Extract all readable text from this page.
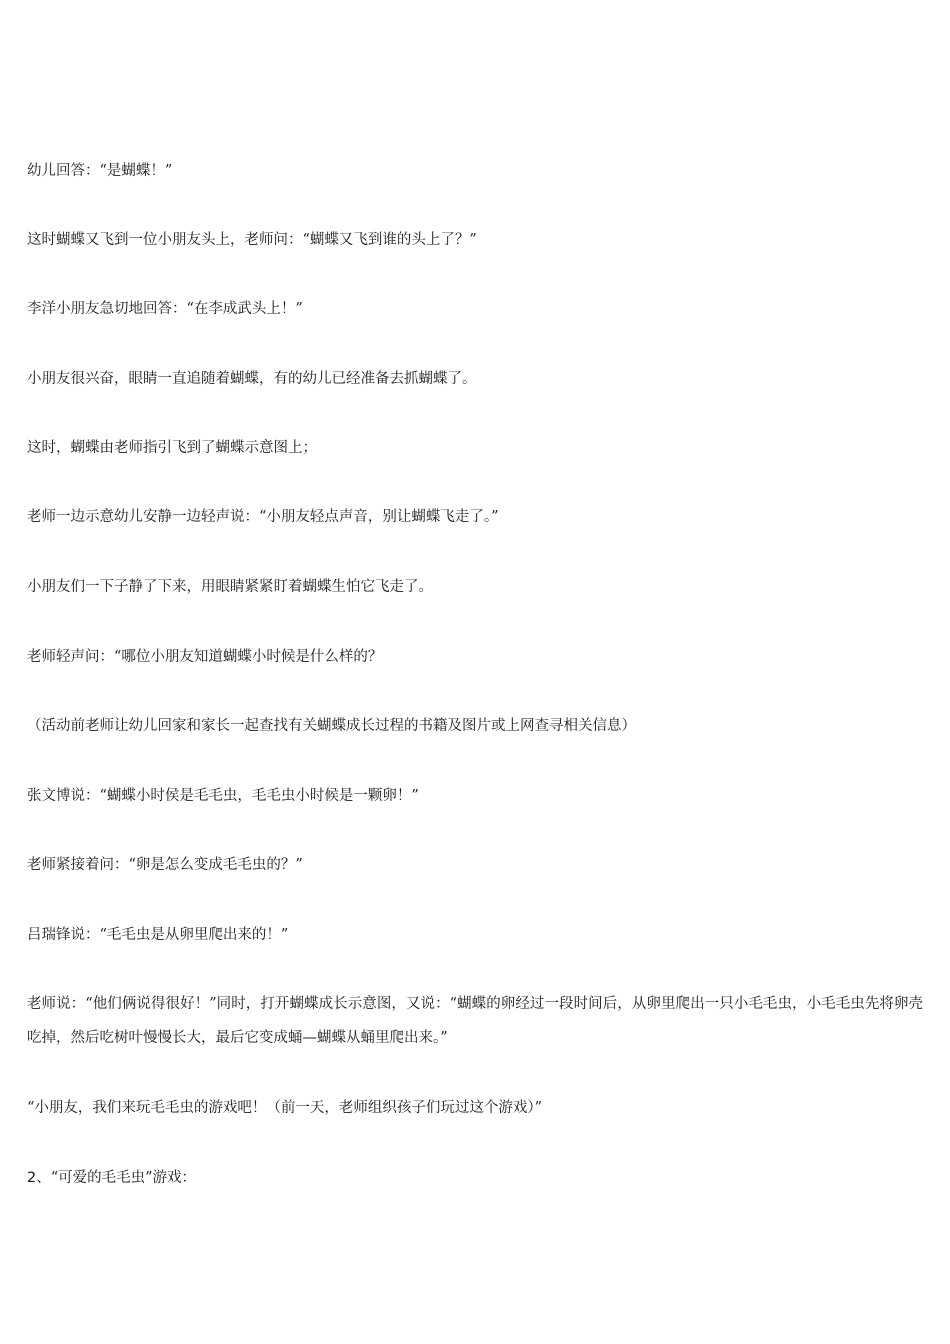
幼儿回答：“是蝴蝶！”

这时蝴蝶又飞到一位小朋友头上，老师问：“蝴蝶又飞到谁的头上了？”

李洋小朋友急切地回答：“在李成武头上！”

小朋友很兴奋，眼睛一直追随着蝴蝶，有的幼儿已经准备去抓蝴蝶了。

这时，蝴蝶由老师指引飞到了蝴蝶示意图上；

老师一边示意幼儿安静一边轻声说：“小朋友轻点声音，别让蝴蝶飞走了。”

小朋友们一下子静了下来，用眼睛紧紧盯着蝴蝶生怕它飞走了。

老师轻声问：“哪位小朋友知道蝴蝶小时候是什么样的？

（活动前老师让幼儿回家和家长一起查找有关蝴蝶成长过程的书籍及图片或上网查寻相关信息）

张文博说：“蝴蝶小时侯是毛毛虫，毛毛虫小时候是一颗卵！”

老师紧接着问：“卵是怎么变成毛毛虫的？”

吕瑞锋说：“毛毛虫是从卵里爬出来的！”

老师说：“他们俩说得很好！”同时，打开蝴蝶成长示意图，又说：“蝴蝶的卵经过一段时间后，从卵里爬出一只小毛毛虫，小毛毛虫先将卵壳吃掉，然后吃树叶慢慢长大，最后它变成蛹—蝴蝶从蛹里爬出来。”

“小朋友，我们来玩毛毛虫的游戏吧！（前一天，老师组织孩子们玩过这个游戏）”

2、“可爱的毛毛虫”游戏：
